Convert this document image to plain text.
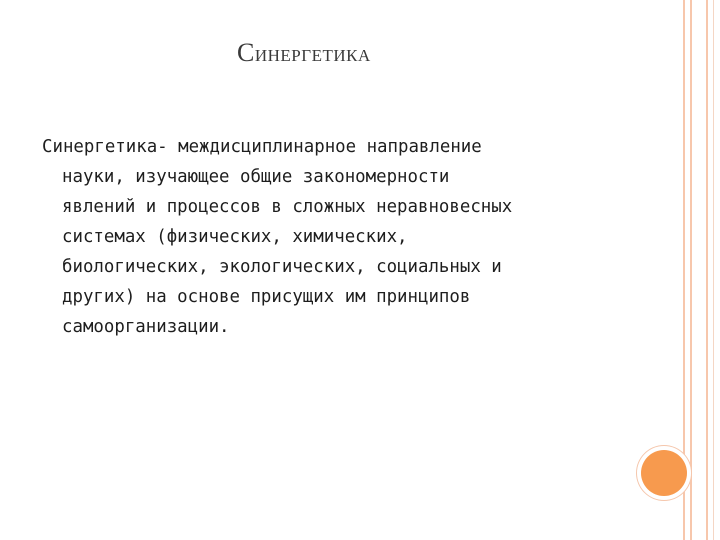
СИНЕРГЕТИКА
Синергетика- междисциплинарное направление
науки, изучающее общие закономерности
явлений и процессов в сложных неравновесных
системах (физических, химических,
биологических, экологических, социальных и
других) на основе присущих им принципов
самоорганизации.
